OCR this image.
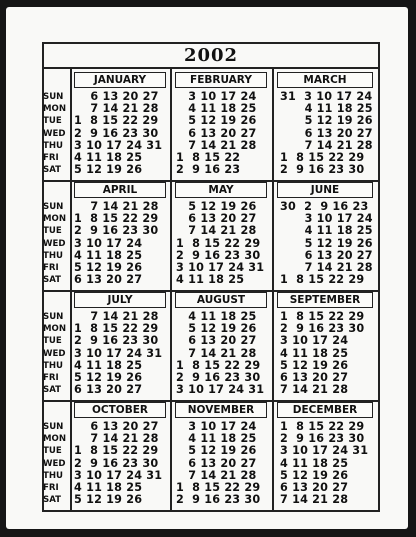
2002
SUN
MON
TUE
WED
THU
FRI
SAT
SUN
MON
TUE
WED
THU
FRI
SAT
SUN
MON
TUE
WED
THU
FRI
SAT
SUN
MON
TUE
WED
THU
FRI
SAT
JANUARY
6 13 20 27
7 14 21 28
1  8 15 22 29
2  9 16 23 30
3 10 17 24 31
4 11 18 25
5 12 19 26
FEBRUARY
3 10 17 24
4 11 18 25
5 12 19 26
6 13 20 27
7 14 21 28
1  8 15 22
2  9 16 23
MARCH
31  3 10 17 24
4 11 18 25
5 12 19 26
6 13 20 27
7 14 21 28
1  8 15 22 29
2  9 16 23 30
APRIL
7 14 21 28
1  8 15 22 29
2  9 16 23 30
3 10 17 24
4 11 18 25
5 12 19 26
6 13 20 27
MAY
5 12 19 26
6 13 20 27
7 14 21 28
1  8 15 22 29
2  9 16 23 30
3 10 17 24 31
4 11 18 25
JUNE
30  2  9 16 23
3 10 17 24
4 11 18 25
5 12 19 26
6 13 20 27
7 14 21 28
1  8 15 22 29
JULY
7 14 21 28
1  8 15 22 29
2  9 16 23 30
3 10 17 24 31
4 11 18 25
5 12 19 26
6 13 20 27
AUGUST
4 11 18 25
5 12 19 26
6 13 20 27
7 14 21 28
1  8 15 22 29
2  9 16 23 30
3 10 17 24 31
SEPTEMBER
1  8 15 22 29
2  9 16 23 30
3 10 17 24
4 11 18 25
5 12 19 26
6 13 20 27
7 14 21 28
OCTOBER
6 13 20 27
7 14 21 28
1  8 15 22 29
2  9 16 23 30
3 10 17 24 31
4 11 18 25
5 12 19 26
NOVEMBER
3 10 17 24
4 11 18 25
5 12 19 26
6 13 20 27
7 14 21 28
1  8 15 22 29
2  9 16 23 30
DECEMBER
1  8 15 22 29
2  9 16 23 30
3 10 17 24 31
4 11 18 25
5 12 19 26
6 13 20 27
7 14 21 28
